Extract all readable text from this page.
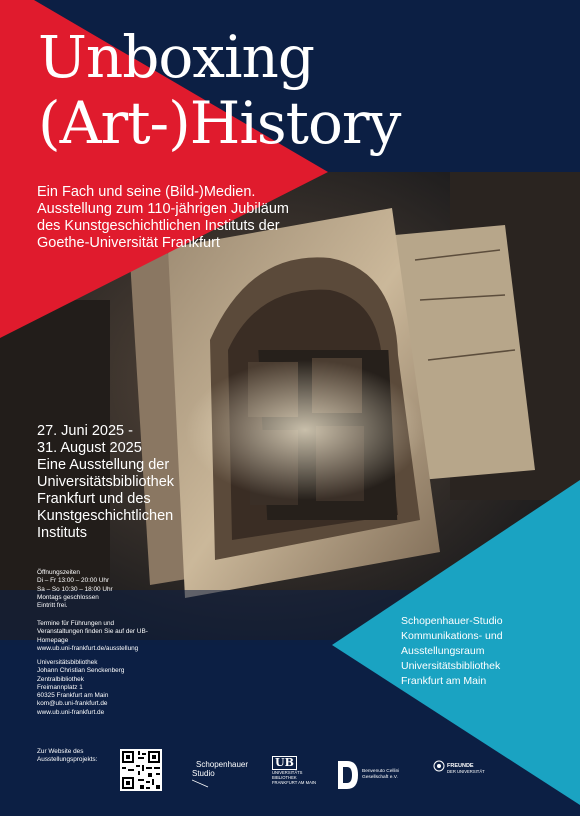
Unboxing
(Art-)History
Ein Fach und seine (Bild-)Medien.
Ausstellung zum 110-jährigen Jubiläum
des Kunstgeschichtlichen Instituts der
Goethe-Universität Frankfurt
27. Juni 2025 -
31. August 2025
Eine Ausstellung der
Universitätsbibliothek
Frankfurt und des
Kunstgeschichtlichen
Instituts
Öffnungszeiten
Di – Fr 13:00 – 20:00 Uhr
Sa – So 10:30 – 18:00 Uhr
Montags geschlossen
Eintritt frei.
Termine für Führungen und
Veranstaltungen finden Sie auf der UB-
Homepage
www.ub.uni-frankfurt.de/ausstellung
Universitätsbibliothek
Johann Christian Senckenberg
Zentralbibliothek
Freimannplatz 1
60325 Frankfurt am Main
kom@ub.uni-frankfurt.de
www.ub.uni-frankfurt.de
Schopenhauer-Studio
Kommunikations- und
Ausstellungsraum
Universitätsbibliothek
Frankfurt am Main
Zur Website des
Ausstellungsprojekts:
Schopenhauer
Studio
UB
UNIVERSITÄTS
BIBLIOTHEK
FRANKFURT AM MAIN
Benvenuto Cellini
Gesellschaft e.V.
FREUNDE
DER UNIVERSITÄT
